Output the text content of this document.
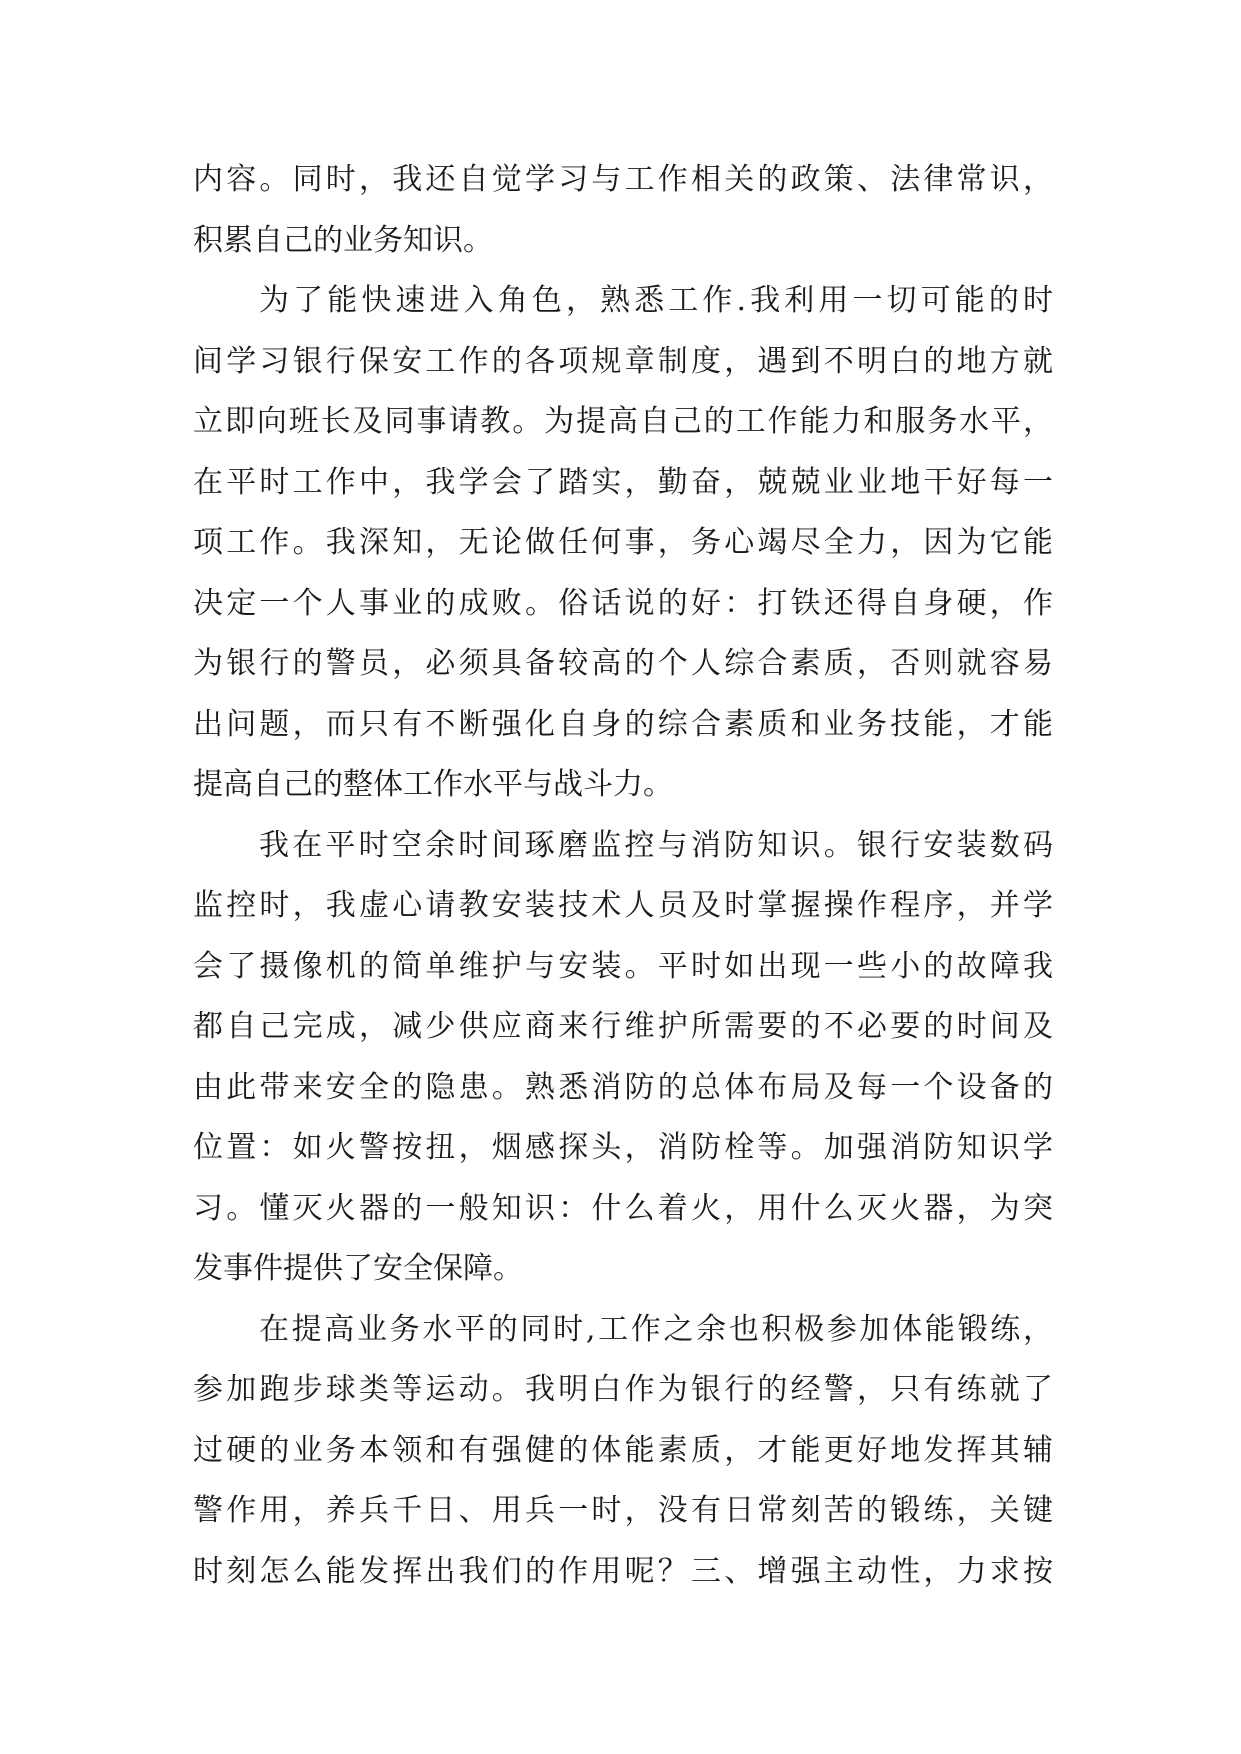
内容。同时，我还自觉学习与工作相关的政策、法律常识，
积累自己的业务知识。
为了能快速进入角色，熟悉工作.我利用一切可能的时
间学习银行保安工作的各项规章制度，遇到不明白的地方就
立即向班长及同事请教。为提高自己的工作能力和服务水平，
在平时工作中，我学会了踏实，勤奋，兢兢业业地干好每一
项工作。我深知，无论做任何事，务心竭尽全力，因为它能
决定一个人事业的成败。俗话说的好：打铁还得自身硬，作
为银行的警员，必须具备较高的个人综合素质，否则就容易
出问题，而只有不断强化自身的综合素质和业务技能，才能
提高自己的整体工作水平与战斗力。
我在平时空余时间琢磨监控与消防知识。银行安装数码
监控时，我虚心请教安装技术人员及时掌握操作程序，并学
会了摄像机的简单维护与安装。平时如出现一些小的故障我
都自己完成，减少供应商来行维护所需要的不必要的时间及
由此带来安全的隐患。熟悉消防的总体布局及每一个设备的
位置：如火警按扭，烟感探头，消防栓等。加强消防知识学
习。懂灭火器的一般知识：什么着火，用什么灭火器，为突
发事件提供了安全保障。
在提高业务水平的同时,工作之余也积极参加体能锻练，
参加跑步球类等运动。我明白作为银行的经警，只有练就了
过硬的业务本领和有强健的体能素质，才能更好地发挥其辅
警作用，养兵千日、用兵一时，没有日常刻苦的锻练，关键
时刻怎么能发挥出我们的作用呢？三、增强主动性，力求按
